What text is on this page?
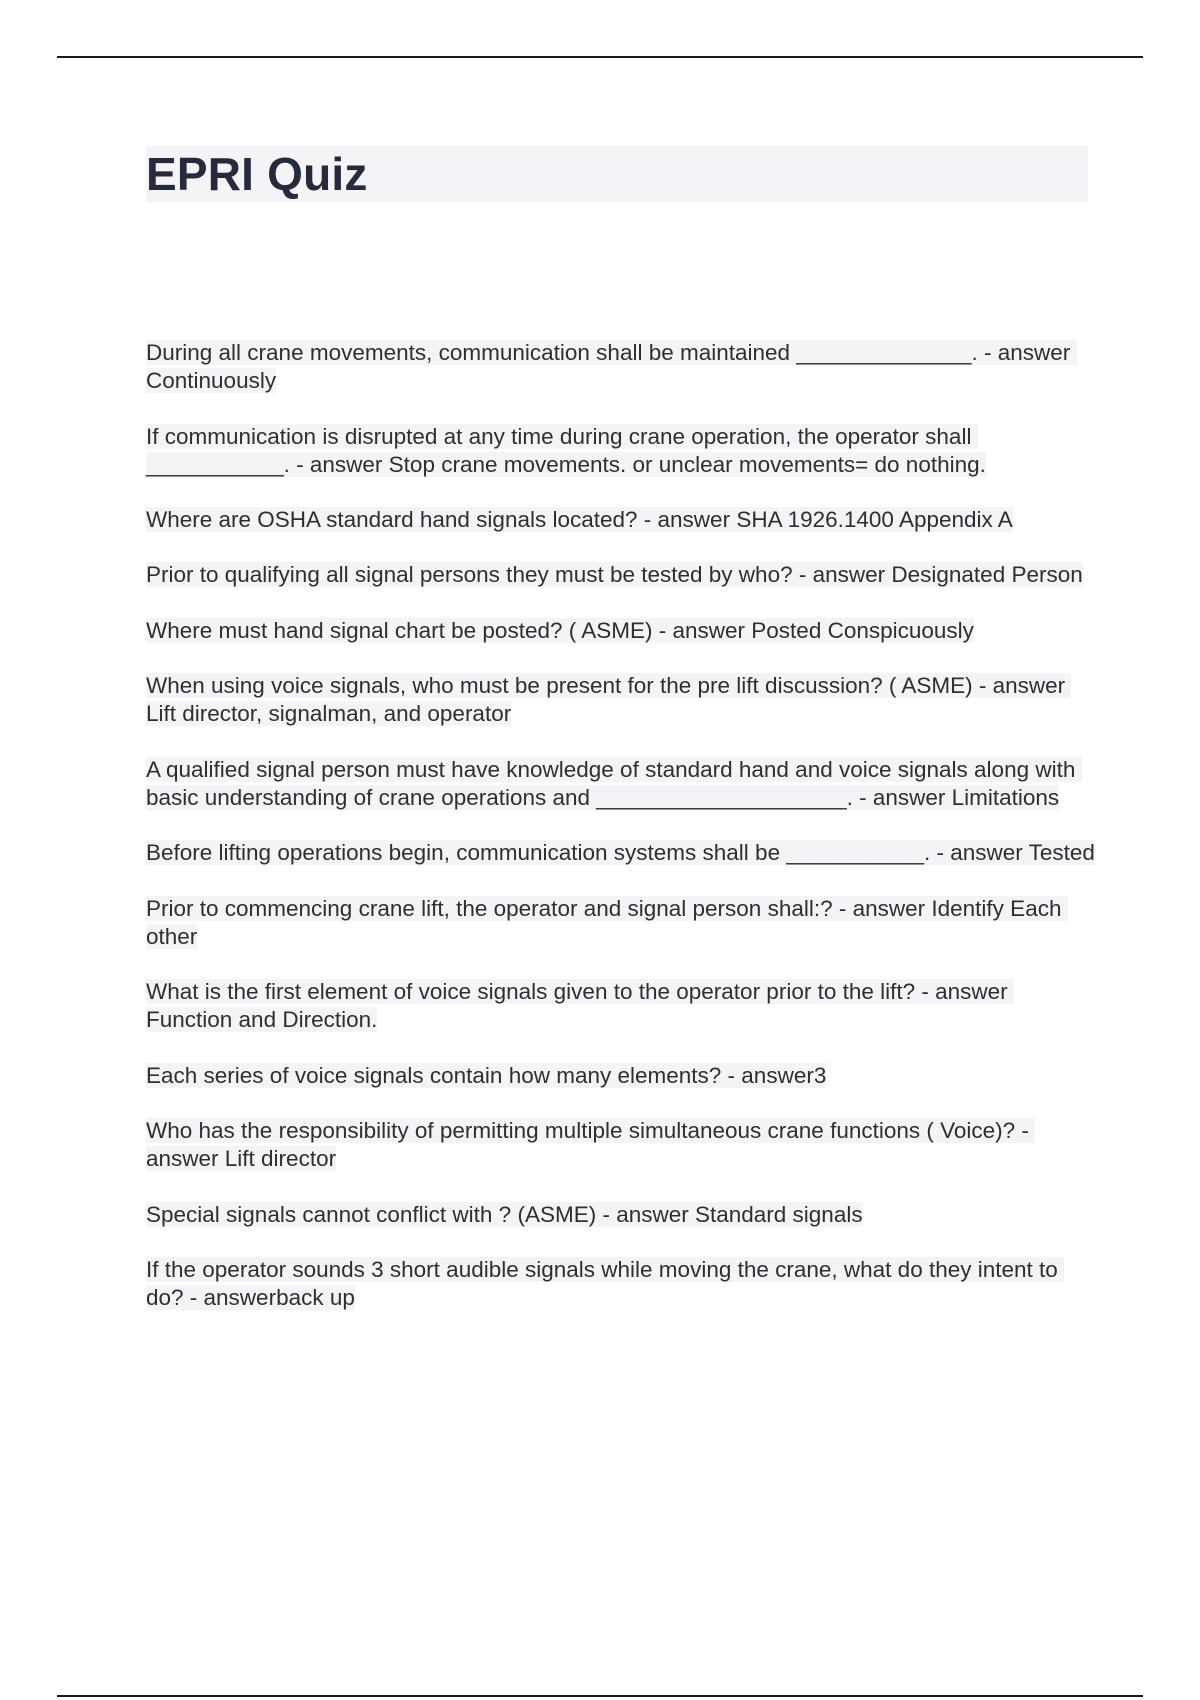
EPRI Quiz
During all crane movements, communication shall be maintained ______________. - answer Continuously
If communication is disrupted at any time during crane operation, the operator shall ___________. - answer Stop crane movements. or unclear movements= do nothing.
Where are OSHA standard hand signals located? - answer SHA 1926.1400 Appendix A
Prior to qualifying all signal persons they must be tested by who? - answer Designated Person
Where must hand signal chart be posted? ( ASME) - answer Posted Conspicuously
When using voice signals, who must be present for the pre lift discussion? ( ASME) - answer Lift director, signalman, and operator
A qualified signal person must have knowledge of standard hand and voice signals along with basic understanding of crane operations and ____________________. - answer Limitations
Before lifting operations begin, communication systems shall be ___________. - answer Tested
Prior to commencing crane lift, the operator and signal person shall:? - answer Identify Each other
What is the first element of voice signals given to the operator prior to the lift? - answer Function and Direction.
Each series of voice signals contain how many elements? - answer3
Who has the responsibility of permitting multiple simultaneous crane functions ( Voice)? - answer Lift director
Special signals cannot conflict with ? (ASME) - answer Standard signals
If the operator sounds 3 short audible signals while moving the crane, what do they intent to do? - answerback up
